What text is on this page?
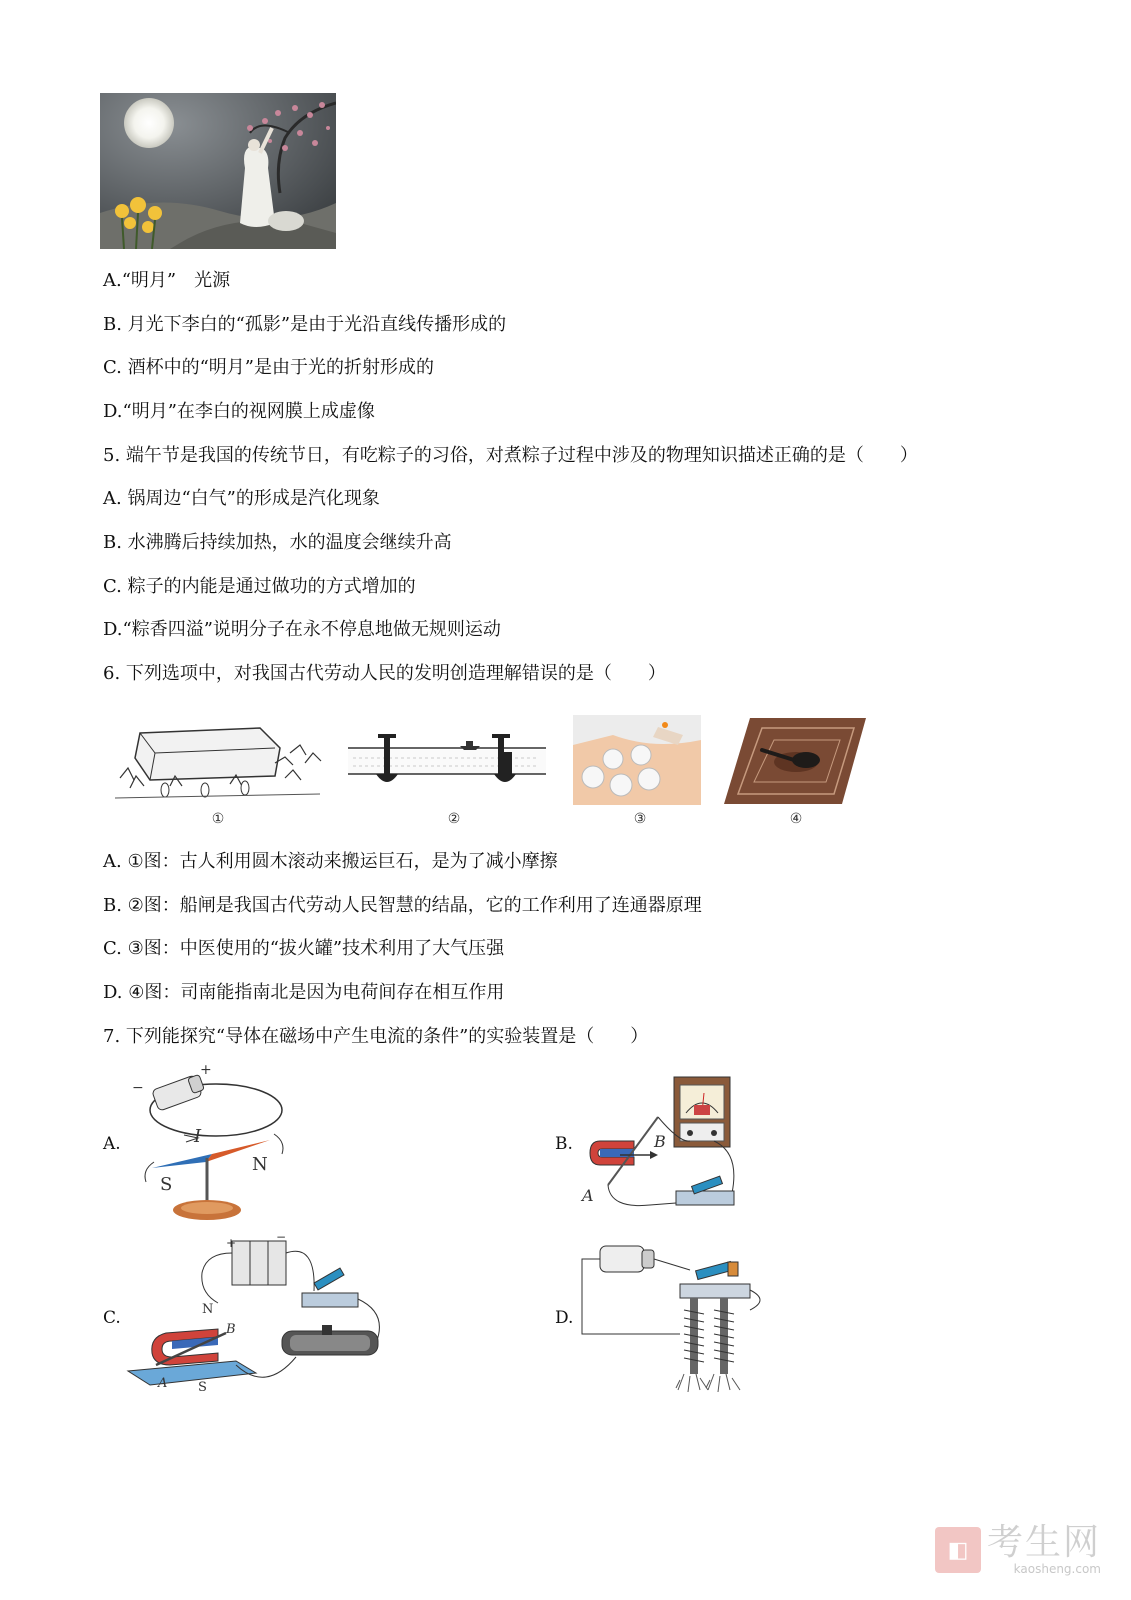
A.“明月”　光源
B. 月光下李白的“孤影”是由于光沿直线传播形成的
C. 酒杯中的“明月”是由于光的折射形成的
D.“明月”在李白的视网膜上成虚像
5. 端午节是我国的传统节日，有吃粽子的习俗，对煮粽子过程中涉及的物理知识描述正确的是（　　）
A. 锅周边“白气”的形成是汽化现象
B. 水沸腾后持续加热，水的温度会继续升高
C. 粽子的内能是通过做功的方式增加的
D.“粽香四溢”说明分子在永不停息地做无规则运动
6. 下列选项中，对我国古代劳动人民的发明创造理解错误的是（　　）
①	②	③	④
A. ①图：古人利用圆木滚动来搬运巨石，是为了减小摩擦
B. ②图：船闸是我国古代劳动人民智慧的结晶，它的工作利用了连通器原理
C. ③图：中医使用的“拔火罐”技术利用了大气压强
D. ④图：司南能指南北是因为电荷间存在相互作用
7. 下列能探究“导体在磁场中产生电流的条件”的实验装置是（　　）
A.
−
+
I
S
N
B.	B
A
C.
+	−
N
B
A S
D.
◧ 考生网
kaosheng.com
